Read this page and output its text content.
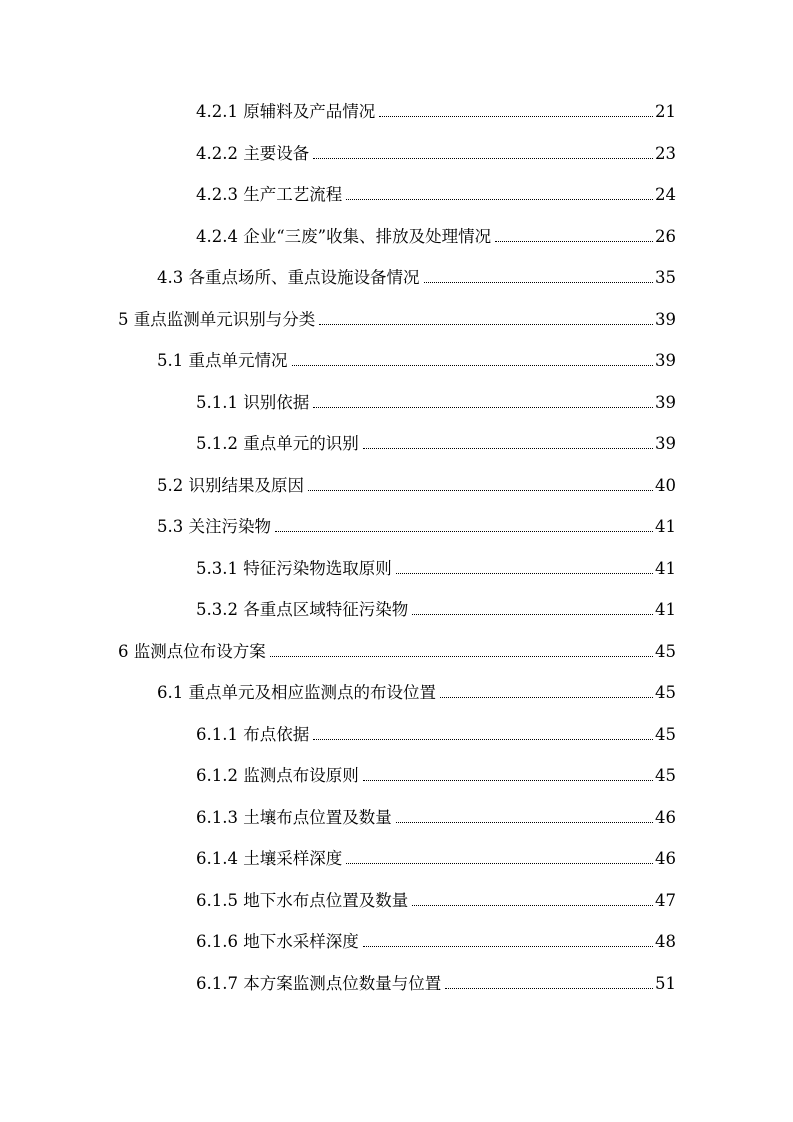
4.2.1 原辅料及产品情况	21
4.2.2 主要设备	23
4.2.3 生产工艺流程	24
4.2.4 企业“三废”收集、排放及处理情况	26
4.3 各重点场所、重点设施设备情况	35
5 重点监测单元识别与分类	39
5.1 重点单元情况	39
5.1.1 识别依据	39
5.1.2 重点单元的识别	39
5.2 识别结果及原因	40
5.3 关注污染物	41
5.3.1 特征污染物选取原则	41
5.3.2 各重点区域特征污染物	41
6 监测点位布设方案	45
6.1 重点单元及相应监测点的布设位置	45
6.1.1 布点依据	45
6.1.2 监测点布设原则	45
6.1.3 土壤布点位置及数量	46
6.1.4 土壤采样深度	46
6.1.5 地下水布点位置及数量	47
6.1.6 地下水采样深度	48
6.1.7 本方案监测点位数量与位置	51
